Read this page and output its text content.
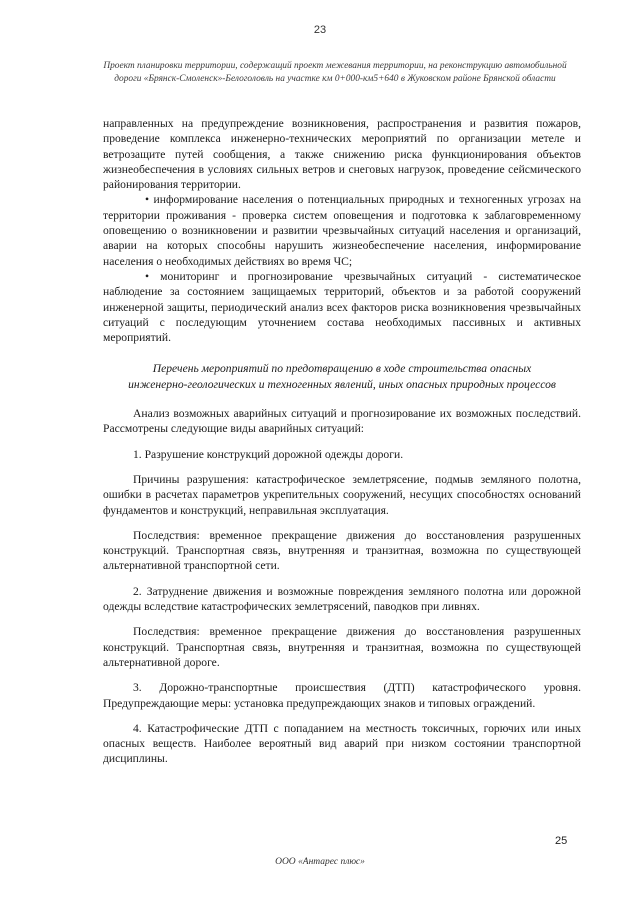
23
Проект планировки территории, содержащий проект межевания территории, на реконструкцию автомобильной дороги «Брянск-Смоленск»-Белоголовль на участке км 0+000-км5+640 в Жуковском районе Брянской области

направленных на предупреждение возникновения, распространения и развития пожаров, проведение комплекса инженерно-технических мероприятий по организации метеле и ветрозащите путей сообщения, а также снижению риска функционирования объектов жизнеобеспечения в условиях сильных ветров и снеговых нагрузок, проведение сейсмического районирования территории.

• информирование населения о потенциальных природных и техногенных угрозах на территории проживания - проверка систем оповещения и подготовка к заблаговременному оповещению о возникновении и развитии чрезвычайных ситуаций населения и организаций, аварии на которых способны нарушить жизнеобеспечение населения, информирование населения о необходимых действиях во время ЧС;

• мониторинг и прогнозирование чрезвычайных ситуаций - систематическое наблюдение за состоянием защищаемых территорий, объектов и за работой сооружений инженерной защиты, периодический анализ всех факторов риска возникновения чрезвычайных ситуаций с последующим уточнением состава необходимых пассивных и активных мероприятий.

Перечень мероприятий по предотвращению в ходе строительства опасных инженерно-геологических и техногенных явлений, иных опасных природных процессов

Анализ возможных аварийных ситуаций и прогнозирование их возможных последствий. Рассмотрены следующие виды аварийных ситуаций:

1. Разрушение конструкций дорожной одежды дороги.

Причины разрушения: катастрофическое землетрясение, подмыв земляного полотна, ошибки в расчетах параметров укрепительных сооружений, несущих способностях оснований фундаментов и конструкций, неправильная эксплуатация.

Последствия: временное прекращение движения до восстановления разрушенных конструкций. Транспортная связь, внутренняя и транзитная, возможна по существующей альтернативной транспортной сети.

2. Затруднение движения и возможные повреждения земляного полотна или дорожной одежды вследствие катастрофических землетрясений, паводков при ливнях.

Последствия: временное прекращение движения до восстановления разрушенных конструкций. Транспортная связь, внутренняя и транзитная, возможна по существующей альтернативной дороге.

3. Дорожно-транспортные происшествия (ДТП) катастрофического уровня. Предупреждающие меры: установка предупреждающих знаков и типовых ограждений.

4. Катастрофические ДТП с попаданием на местность токсичных, горючих или иных опасных веществ. Наиболее вероятный вид аварий при низком состоянии транспортной дисциплины.

25
ООО «Антарес плюс»
